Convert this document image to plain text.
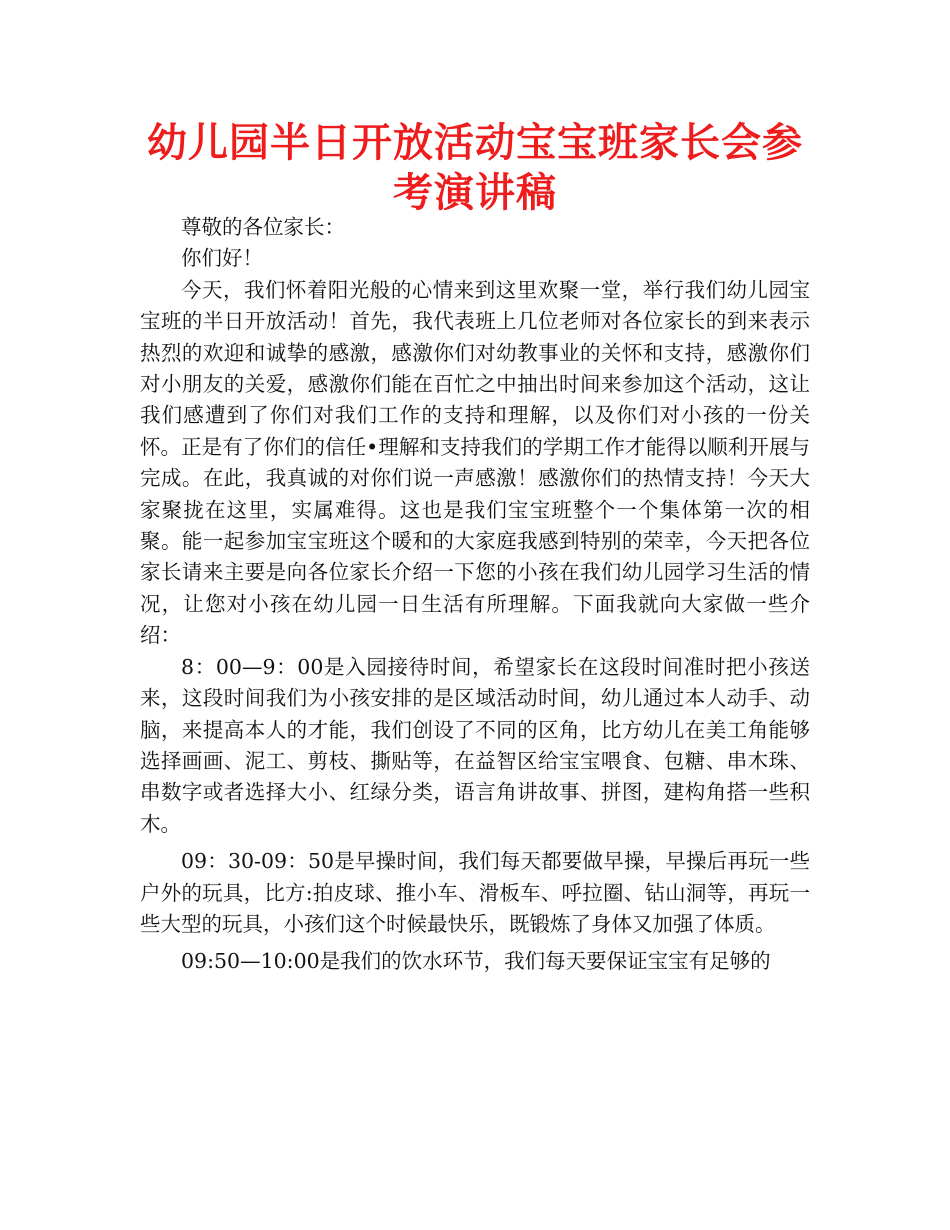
幼儿园半日开放活动宝宝班家长会参考演讲稿

尊敬的各位家长：

你们好！

今天，我们怀着阳光般的心情来到这里欢聚一堂，举行我们幼儿园宝宝班的半日开放活动！首先，我代表班上几位老师对各位家长的到来表示热烈的欢迎和诚挚的感激，感激你们对幼教事业的关怀和支持，感激你们对小朋友的关爱，感激你们能在百忙之中抽出时间来参加这个活动，这让我们感遭到了你们对我们工作的支持和理解，以及你们对小孩的一份关怀。正是有了你们的信任•理解和支持我们的学期工作才能得以顺利开展与完成。在此，我真诚的对你们说一声感激！感激你们的热情支持！今天大家聚拢在这里，实属难得。这也是我们宝宝班整个一个集体第一次的相聚。能一起参加宝宝班这个暖和的大家庭我感到特别的荣幸，今天把各位家长请来主要是向各位家长介绍一下您的小孩在我们幼儿园学习生活的情况，让您对小孩在幼儿园一日生活有所理解。下面我就向大家做一些介绍：

8：00—9：00是入园接待时间，希望家长在这段时间准时把小孩送来，这段时间我们为小孩安排的是区域活动时间，幼儿通过本人动手、动脑，来提高本人的才能，我们创设了不同的区角，比方幼儿在美工角能够选择画画、泥工、剪枝、撕贴等，在益智区给宝宝喂食、包糖、串木珠、串数字或者选择大小、红绿分类，语言角讲故事、拼图，建构角搭一些积木。

09：30-09：50是早操时间，我们每天都要做早操，早操后再玩一些户外的玩具，比方:拍皮球、推小车、滑板车、呼拉圈、钻山洞等，再玩一些大型的玩具，小孩们这个时候最快乐，既锻炼了身体又加强了体质。

09:50—10:00是我们的饮水环节，我们每天要保证宝宝有足够的
